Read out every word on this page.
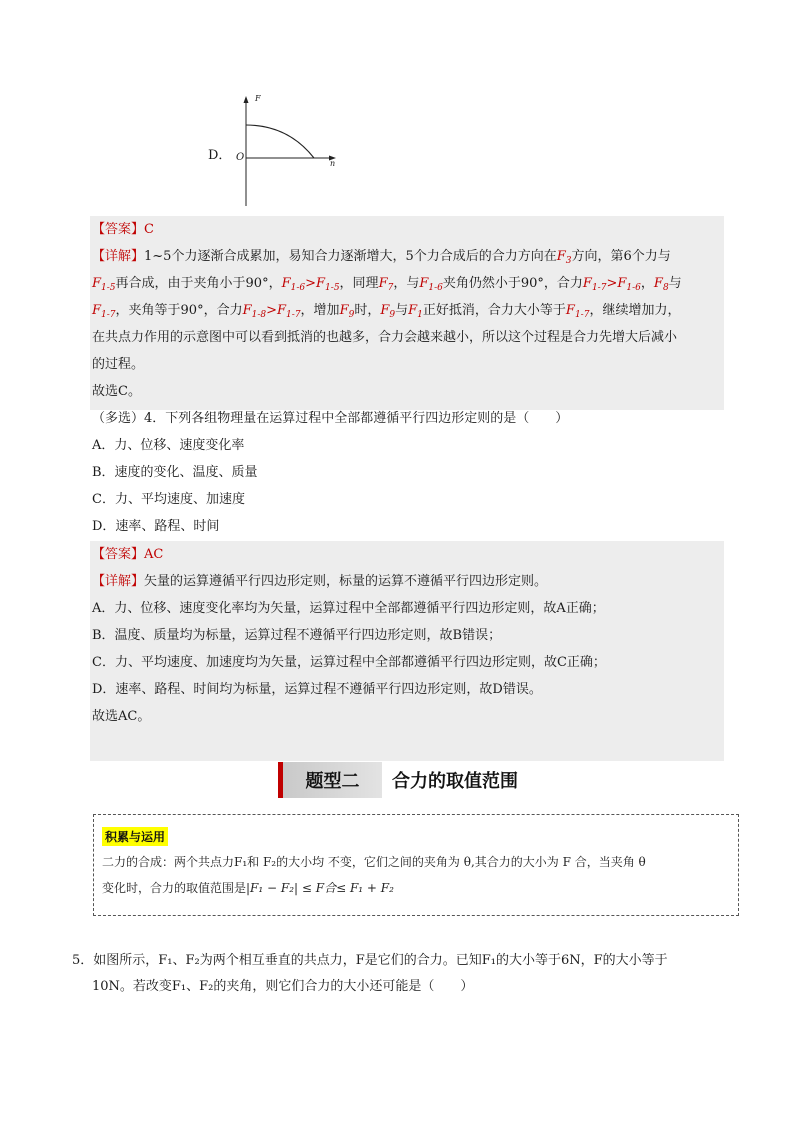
D．
F
n
O
【答案】C
【详解】1~5个力逐渐合成累加，易知合力逐渐增大，5个力合成后的合力方向在$F_3$方向，第6个力与
$F_{1-5}$再合成，由于夹角小于90°，$F_{1-6}>F_{1-5}$，同理$F_7$，与$F_{1-6}$夹角仍然小于90°，合力$F_{1-7}>F_{1-6}$，$F_8$与
$F_{1-7}$，夹角等于90°，合力$F_{1-8}>F_{1-7}$，增加$F_9$时，$F_9$与$F_1$正好抵消，合力大小等于$F_{1-7}$，继续增加力，
在共点力作用的示意图中可以看到抵消的也越多，合力会越来越小，所以这个过程是合力先增大后减小
的过程。
故选C。
（多选）4．下列各组物理量在运算过程中全部都遵循平行四边形定则的是（　　）
A．力、位移、速度变化率
B．速度的变化、温度、质量
C．力、平均速度、加速度
D．速率、路程、时间
【答案】AC
【详解】矢量的运算遵循平行四边形定则，标量的运算不遵循平行四边形定则。
A．力、位移、速度变化率均为矢量，运算过程中全部都遵循平行四边形定则，故A正确；
B．温度、质量均为标量，运算过程不遵循平行四边形定则，故B错误；
C．力、平均速度、加速度均为矢量，运算过程中全部都遵循平行四边形定则，故C正确；
D．速率、路程、时间均为标量，运算过程不遵循平行四边形定则，故D错误。
故选AC。
题型二	合力的取值范围
积累与运用
二力的合成：两个共点力F₁和 F₂的大小均 不变，它们之间的夹角为 θ,其合力的大小为 F 合，当夹角 θ
变化时，合力的取值范围是|F₁ − F₂| ≤ F合≤ F₁ + F₂
5．如图所示，F₁、F₂为两个相互垂直的共点力，F是它们的合力。已知F₁的大小等于6N，F的大小等于
10N。若改变F₁、F₂的夹角，则它们合力的大小还可能是（　　）
